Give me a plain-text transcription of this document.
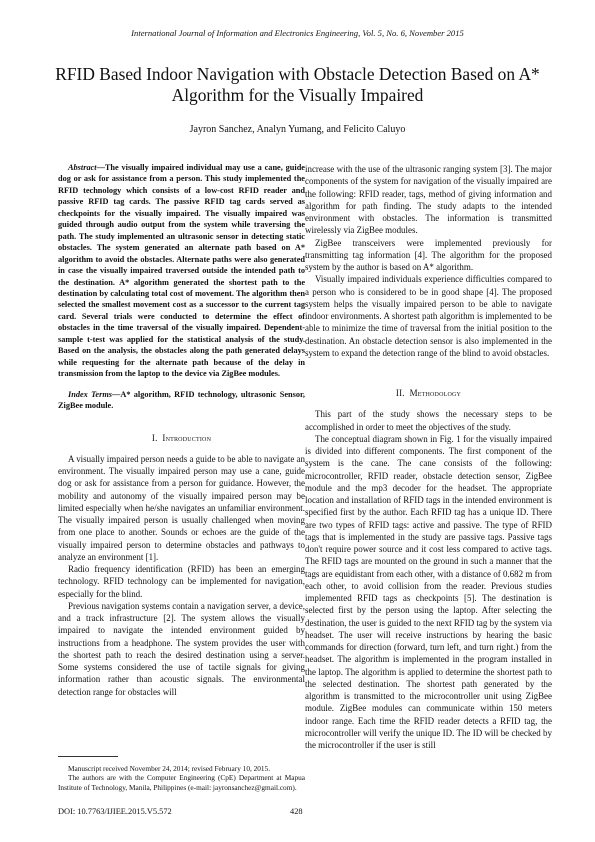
International Journal of Information and Electronics Engineering, Vol. 5, No. 6, November 2015
RFID Based Indoor Navigation with Obstacle Detection Based on A* Algorithm for the Visually Impaired
Jayron Sanchez, Analyn Yumang, and Felicito Caluyo

Abstract—The visually impaired individual may use a cane, guide dog or ask for assistance from a person. This study implemented the RFID technology which consists of a low-cost RFID reader and passive RFID tag cards. The passive RFID tag cards served as checkpoints for the visually impaired. The visually impaired was guided through audio output from the system while traversing the path. The study implemented an ultrasonic sensor in detecting static obstacles. The system generated an alternate path based on A* algorithm to avoid the obstacles. Alternate paths were also generated in case the visually impaired traversed outside the intended path to the destination. A* algorithm generated the shortest path to the destination by calculating total cost of movement. The algorithm then selected the smallest movement cost as a successor to the current tag card. Several trials were conducted to determine the effect of obstacles in the time traversal of the visually impaired. Dependent-sample t-test was applied for the statistical analysis of the study. Based on the analysis, the obstacles along the path generated delays while requesting for the alternate path because of the delay in transmission from the laptop to the device via ZigBee modules.

Index Terms—A* algorithm, RFID technology, ultrasonic Sensor, ZigBee module.

I. Introduction

A visually impaired person needs a guide to be able to navigate an environment. The visually impaired person may use a cane, guide dog or ask for assistance from a person for guidance. However, the mobility and autonomy of the visually impaired person may be limited especially when he/she navigates an unfamiliar environment. The visually impaired person is usually challenged when moving from one place to another. Sounds or echoes are the guide of the visually impaired person to determine obstacles and pathways to analyze an environment [1].

Radio frequency identification (RFID) has been an emerging technology. RFID technology can be implemented for navigation, especially for the blind.

Previous navigation systems contain a navigation server, a device, and a track infrastructure [2]. The system allows the visually impaired to navigate the intended environment guided by instructions from a headphone. The system provides the user with the shortest path to reach the desired destination using a server. Some systems considered the use of tactile signals for giving information rather than acoustic signals. The environmental detection range for obstacles will

increase with the use of the ultrasonic ranging system [3]. The major components of the system for navigation of the visually impaired are the following: RFID reader, tags, method of giving information and algorithm for path finding. The study adapts to the intended environment with obstacles. The information is transmitted wirelessly via ZigBee modules.

ZigBee transceivers were implemented previously for transmitting tag information [4]. The algorithm for the proposed system by the author is based on A* algorithm.

Visually impaired individuals experience difficulties compared to a person who is considered to be in good shape [4]. The proposed system helps the visually impaired person to be able to navigate indoor environments. A shortest path algorithm is implemented to be able to minimize the time of traversal from the initial position to the destination. An obstacle detection sensor is also implemented in the system to expand the detection range of the blind to avoid obstacles.

II. Methodology

This part of the study shows the necessary steps to be accomplished in order to meet the objectives of the study.

The conceptual diagram shown in Fig. 1 for the visually impaired is divided into different components. The first component of the system is the cane. The cane consists of the following: microcontroller, RFID reader, obstacle detection sensor, ZigBee module and the mp3 decoder for the headset. The appropriate location and installation of RFID tags in the intended environment is specified first by the author. Each RFID tag has a unique ID. There are two types of RFID tags: active and passive. The type of RFID tags that is implemented in the study are passive tags. Passive tags don't require power source and it cost less compared to active tags. The RFID tags are mounted on the ground in such a manner that the tags are equidistant from each other, with a distance of 0.682 m from each other, to avoid collision from the reader. Previous studies implemented RFID tags as checkpoints [5]. The destination is selected first by the person using the laptop. After selecting the destination, the user is guided to the next RFID tag by the system via headset. The user will receive instructions by hearing the basic commands for direction (forward, turn left, and turn right.) from the headset. The algorithm is implemented in the program installed in the laptop. The algorithm is applied to determine the shortest path to the selected destination. The shortest path generated by the algorithm is transmitted to the microcontroller unit using ZigBee module. ZigBee modules can communicate within 150 meters indoor range. Each time the RFID reader detects a RFID tag, the microcontroller will verify the unique ID. The ID will be checked by the microcontroller if the user is still

Manuscript received November 24, 2014; revised February 10, 2015.

The authors are with the Computer Engineering (CpE) Department at Mapua Institute of Technology, Manila, Philippines (e-mail: jayronsanchez@gmail.com).

DOI: 10.7763/IJIEE.2015.V5.572	428
